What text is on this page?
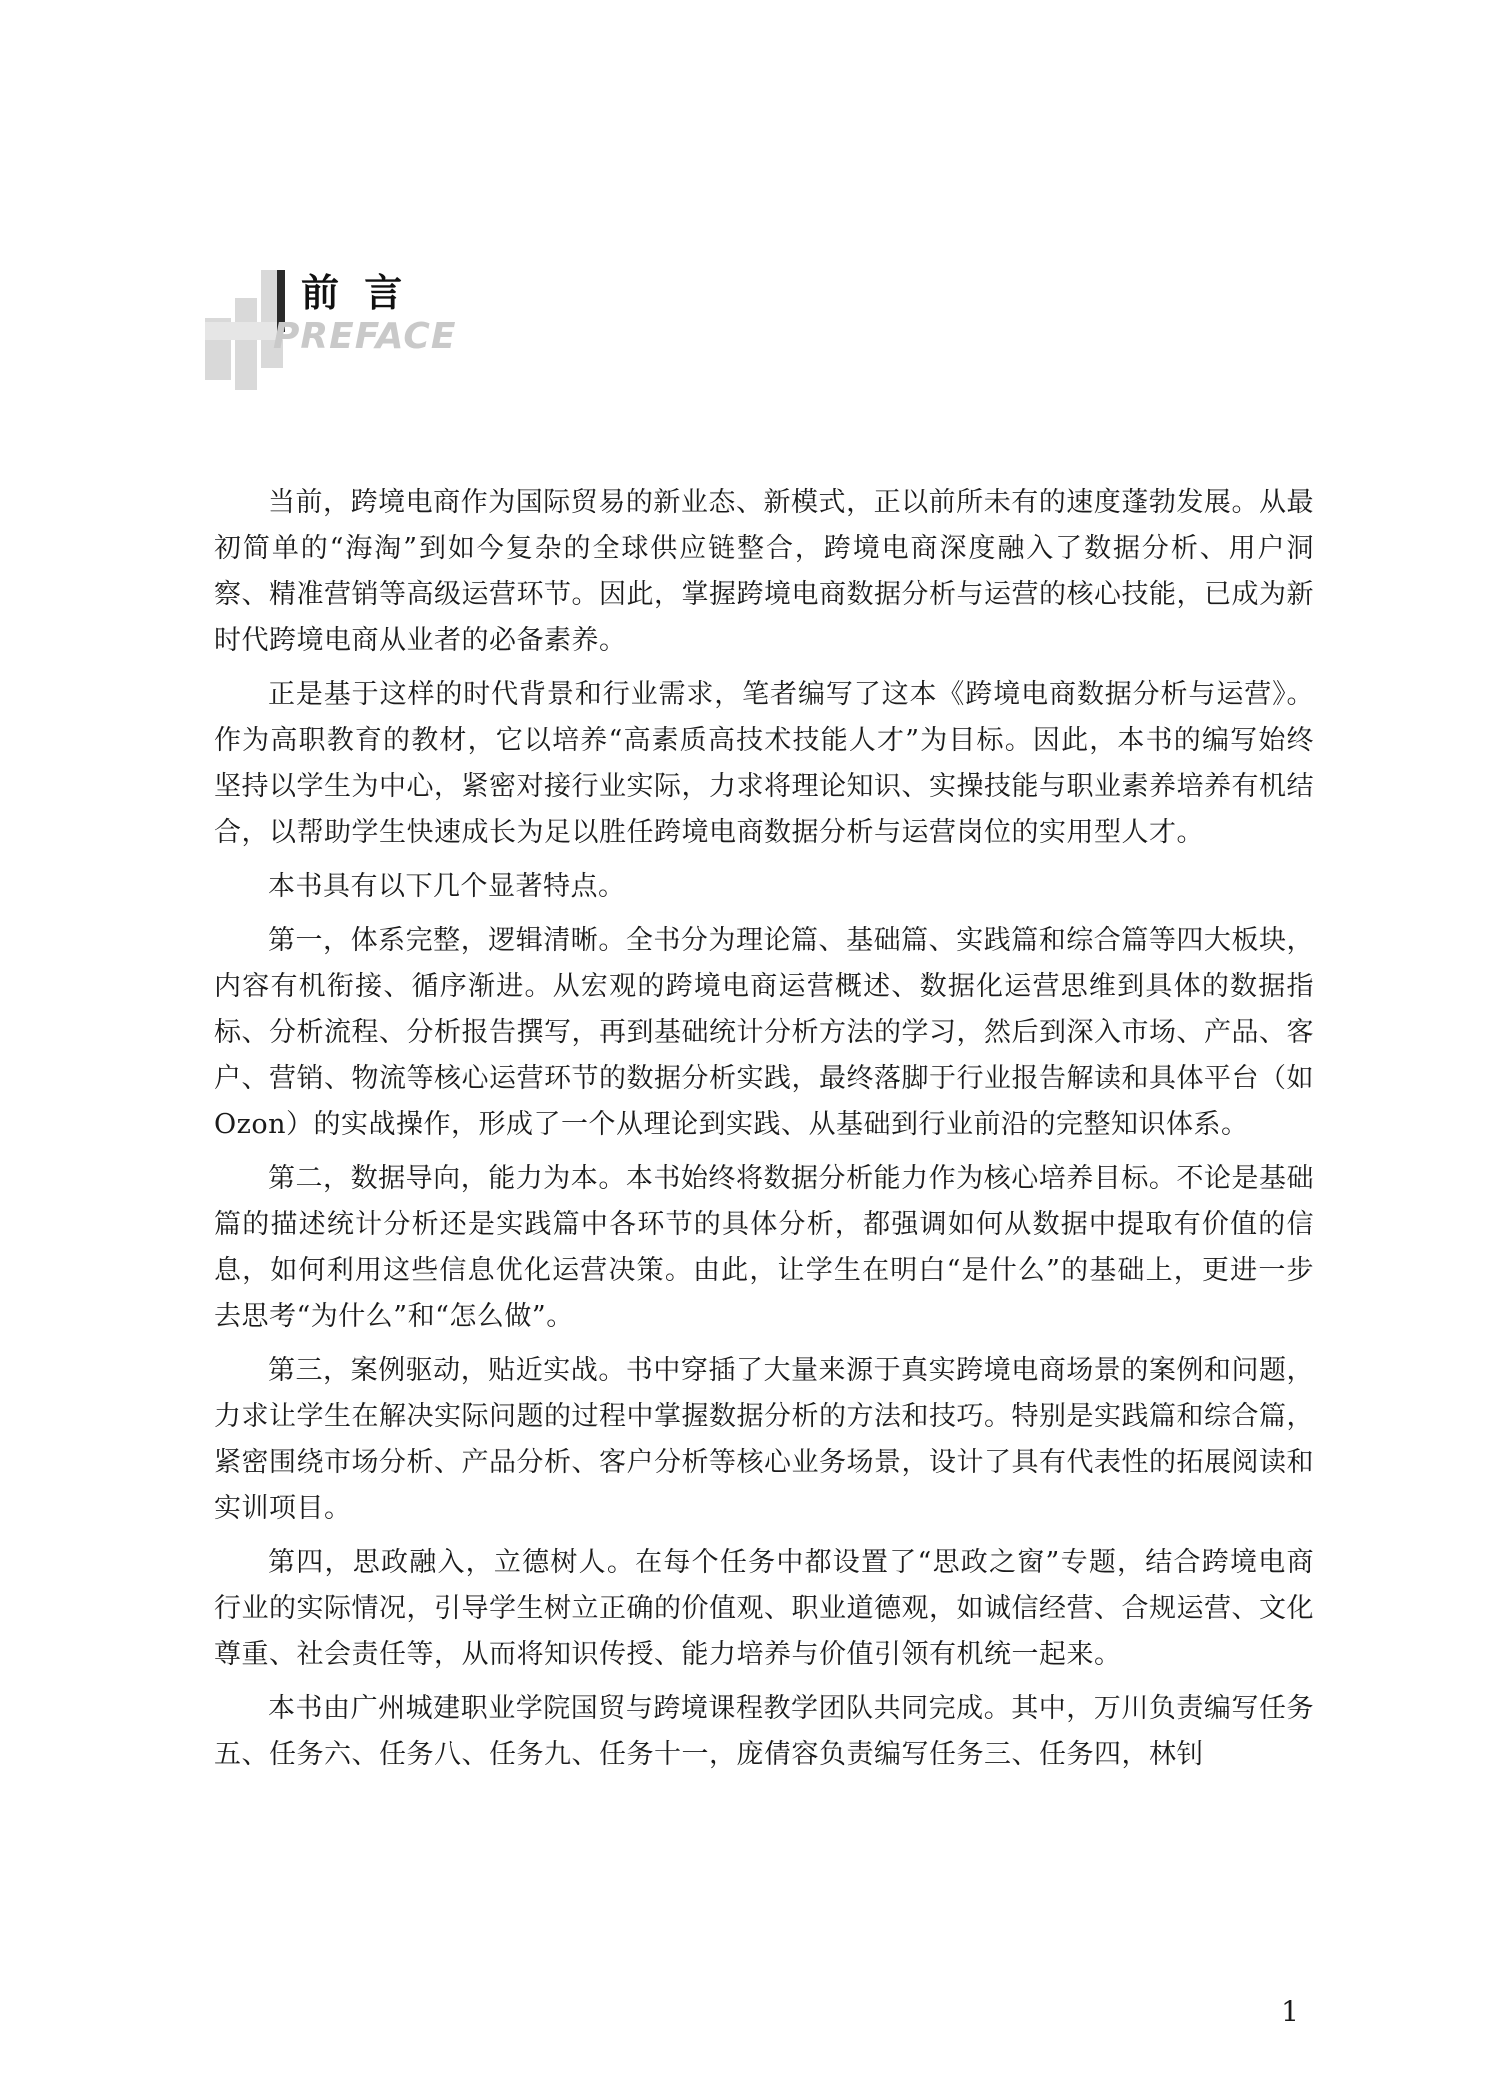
前 言
PREFACE

当前，跨境电商作为国际贸易的新业态、新模式，正以前所未有的速度蓬勃发展。从最初简单的“海淘”到如今复杂的全球供应链整合，跨境电商深度融入了数据分析、用户洞察、精准营销等高级运营环节。因此，掌握跨境电商数据分析与运营的核心技能，已成为新时代跨境电商从业者的必备素养。

正是基于这样的时代背景和行业需求，笔者编写了这本《跨境电商数据分析与运营》。作为高职教育的教材，它以培养“高素质高技术技能人才”为目标。因此，本书的编写始终坚持以学生为中心，紧密对接行业实际，力求将理论知识、实操技能与职业素养培养有机结合，以帮助学生快速成长为足以胜任跨境电商数据分析与运营岗位的实用型人才。

本书具有以下几个显著特点。

第一，体系完整，逻辑清晰。全书分为理论篇、基础篇、实践篇和综合篇等四大板块，内容有机衔接、循序渐进。从宏观的跨境电商运营概述、数据化运营思维到具体的数据指标、分析流程、分析报告撰写，再到基础统计分析方法的学习，然后到深入市场、产品、客户、营销、物流等核心运营环节的数据分析实践，最终落脚于行业报告解读和具体平台（如 Ozon）的实战操作，形成了一个从理论到实践、从基础到行业前沿的完整知识体系。

第二，数据导向，能力为本。本书始终将数据分析能力作为核心培养目标。不论是基础篇的描述统计分析还是实践篇中各环节的具体分析，都强调如何从数据中提取有价值的信息，如何利用这些信息优化运营决策。由此，让学生在明白“是什么”的基础上，更进一步去思考“为什么”和“怎么做”。

第三，案例驱动，贴近实战。书中穿插了大量来源于真实跨境电商场景的案例和问题，力求让学生在解决实际问题的过程中掌握数据分析的方法和技巧。特别是实践篇和综合篇，紧密围绕市场分析、产品分析、客户分析等核心业务场景，设计了具有代表性的拓展阅读和实训项目。

第四，思政融入，立德树人。在每个任务中都设置了“思政之窗”专题，结合跨境电商行业的实际情况，引导学生树立正确的价值观、职业道德观，如诚信经营、合规运营、文化尊重、社会责任等，从而将知识传授、能力培养与价值引领有机统一起来。

本书由广州城建职业学院国贸与跨境课程教学团队共同完成。其中，万川负责编写任务五、任务六、任务八、任务九、任务十一，庞倩容负责编写任务三、任务四，林钊

1
